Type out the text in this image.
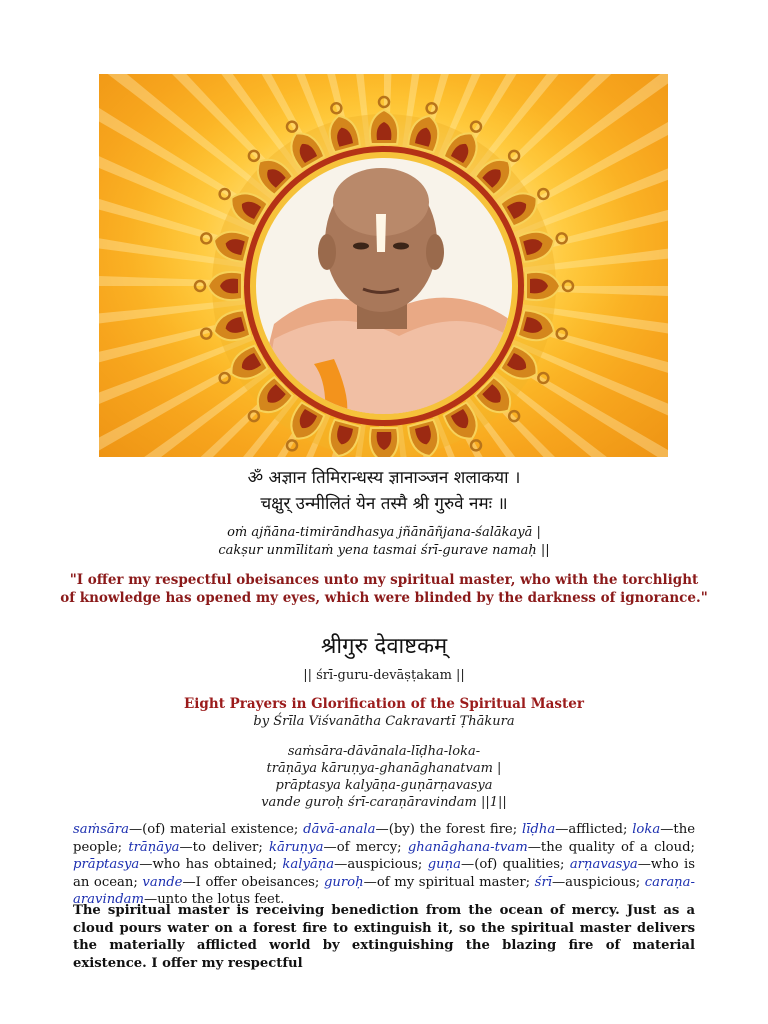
ॐ अज्ञान तिमिरान्धस्य ज्ञानाञ्जन शलाकया ।
चक्षुर् उन्मीलितं येन तस्मै श्री गुरुवे नमः ॥
oṁ ajñāna-timirāndhasya jñānāñjana-śalākayā |
cakṣur unmīlitaṁ yena tasmai śrī-gurave namaḥ ||
"I offer my respectful obeisances unto my spiritual master, who with the torchlight
of knowledge has opened my eyes, which were blinded by the darkness of ignorance."
श्रीगुरु देवाष्टकम्
|| śrī-guru-devāṣṭakam ||
Eight Prayers in Glorification of the Spiritual Master
by Śrīla Viśvanātha Cakravartī Ṭhākura
saṁsāra-dāvānala-līḍha-loka-
trāṇāya kāruṇya-ghanāghanatvam |
prāptasya kalyāṇa-guṇārṇavasya
vande guroḥ śrī-caraṇāravindam ||1||
saṁsāra—(of) material existence; dāvā-anala—(by) the forest fire; līḍha—afflicted; loka—the people; trāṇāya—to deliver; kāruṇya—of mercy; ghanāghana-tvam—the quality of a cloud; prāptasya—who has obtained; kalyāṇa—auspicious; guṇa—(of) qualities; arṇavasya—who is an ocean; vande—I offer obeisances; guroḥ—of my spiritual master; śrī—auspicious; caraṇa-aravindam—unto the lotus feet.
The spiritual master is receiving benediction from the ocean of mercy. Just as a cloud pours water on a forest fire to extinguish it, so the spiritual master delivers the materially afflicted world by extinguishing the blazing fire of material existence. I offer my respectful
